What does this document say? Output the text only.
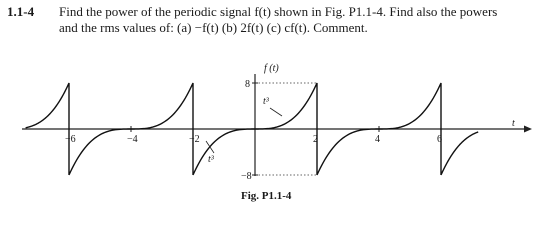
1.1-4 Find the power of the periodic signal f(t) shown in Fig. P1.1-4. Find also the powers
and the rms values of: (a) −f(t) (b) 2f(t) (c) cf(t). Comment.
−6	−4	−2	2	4	6
8
−8
f (t)
t
t³
t³
Fig. P1.1-4
